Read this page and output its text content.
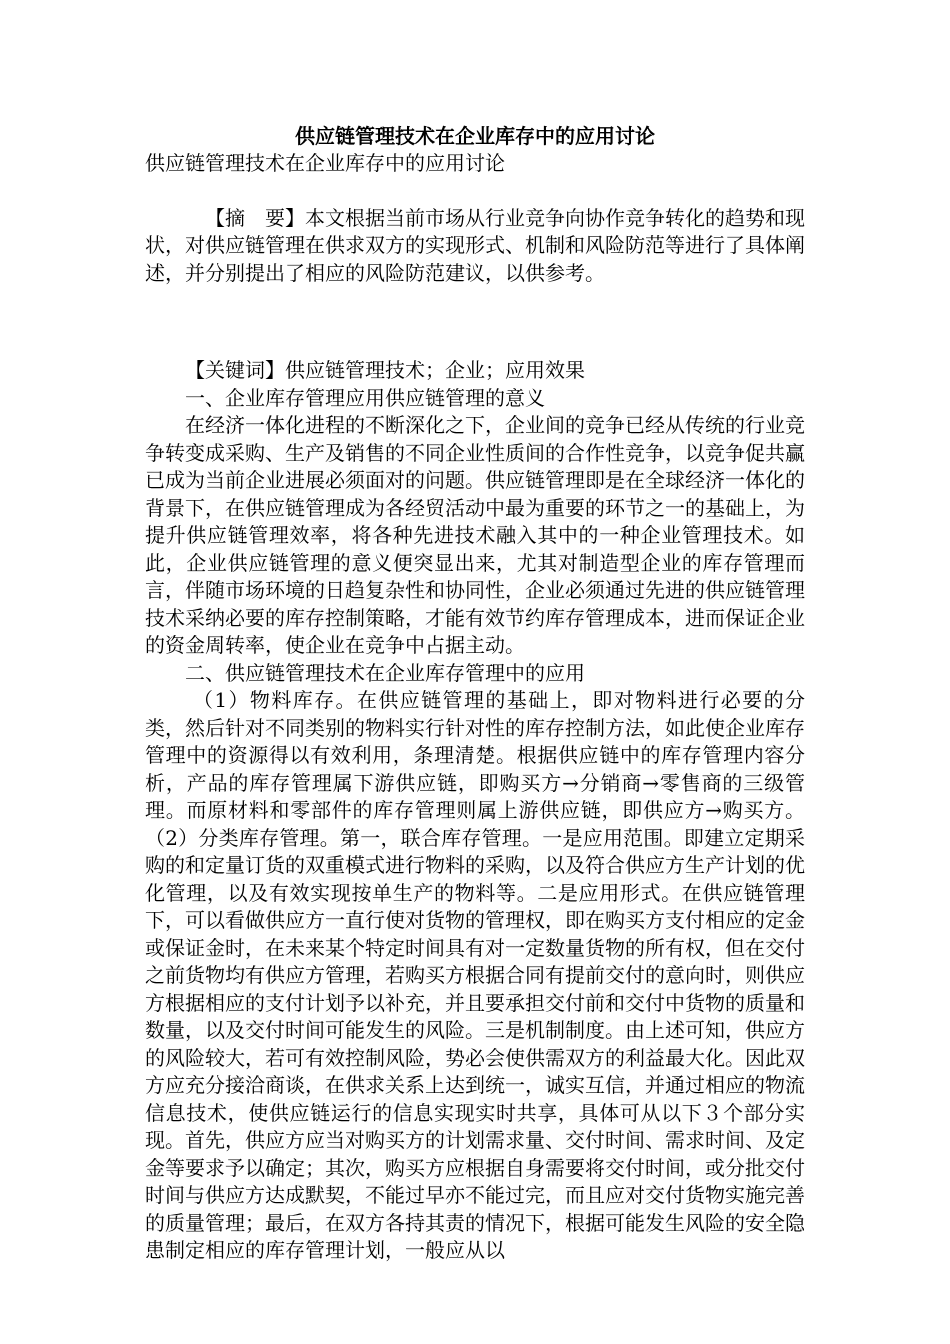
供应链管理技术在企业库存中的应用讨论

供应链管理技术在企业库存中的应用讨论

【摘　要】本文根据当前市场从行业竞争向协作竞争转化的趋势和现状，对供应链管理在供求双方的实现形式、机制和风险防范等进行了具体阐述，并分别提出了相应的风险防范建议，以供参考。

【关键词】供应链管理技术；企业；应用效果

一、企业库存管理应用供应链管理的意义

在经济一体化进程的不断深化之下，企业间的竞争已经从传统的行业竞争转变成采购、生产及销售的不同企业性质间的合作性竞争，以竞争促共赢已成为当前企业进展必须面对的问题。供应链管理即是在全球经济一体化的背景下，在供应链管理成为各经贸活动中最为重要的环节之一的基础上，为提升供应链管理效率，将各种先进技术融入其中的一种企业管理技术。如此，企业供应链管理的意义便突显出来，尤其对制造型企业的库存管理而言，伴随市场环境的日趋复杂性和协同性，企业必须通过先进的供应链管理技术采纳必要的库存控制策略，才能有效节约库存管理成本，进而保证企业的资金周转率，使企业在竞争中占据主动。

二、供应链管理技术在企业库存管理中的应用

（1）物料库存。在供应链管理的基础上，即对物料进行必要的分类，然后针对不同类别的物料实行针对性的库存控制方法，如此使企业库存管理中的资源得以有效利用，条理清楚。根据供应链中的库存管理内容分析，产品的库存管理属下游供应链，即购买方→分销商→零售商的三级管理。而原材料和零部件的库存管理则属上游供应链，即供应方→购买方。（2）分类库存管理。第一，联合库存管理。一是应用范围。即建立定期采购的和定量订货的双重模式进行物料的采购，以及符合供应方生产计划的优化管理，以及有效实现按单生产的物料等。二是应用形式。在供应链管理下，可以看做供应方一直行使对货物的管理权，即在购买方支付相应的定金或保证金时，在未来某个特定时间具有对一定数量货物的所有权，但在交付之前货物均有供应方管理，若购买方根据合同有提前交付的意向时，则供应方根据相应的支付计划予以补充，并且要承担交付前和交付中货物的质量和数量，以及交付时间可能发生的风险。三是机制制度。由上述可知，供应方的风险较大，若可有效控制风险，势必会使供需双方的利益最大化。因此双方应充分接洽商谈，在供求关系上达到统一，诚实互信，并通过相应的物流信息技术，使供应链运行的信息实现实时共享，具体可从以下３个部分实现。首先，供应方应当对购买方的计划需求量、交付时间、需求时间、及定金等要求予以确定；其次，购买方应根据自身需要将交付时间，或分批交付时间与供应方达成默契，不能过早亦不能过完，而且应对交付货物实施完善的质量管理；最后，在双方各持其责的情况下，根据可能发生风险的安全隐患制定相应的库存管理计划，一般应从以
